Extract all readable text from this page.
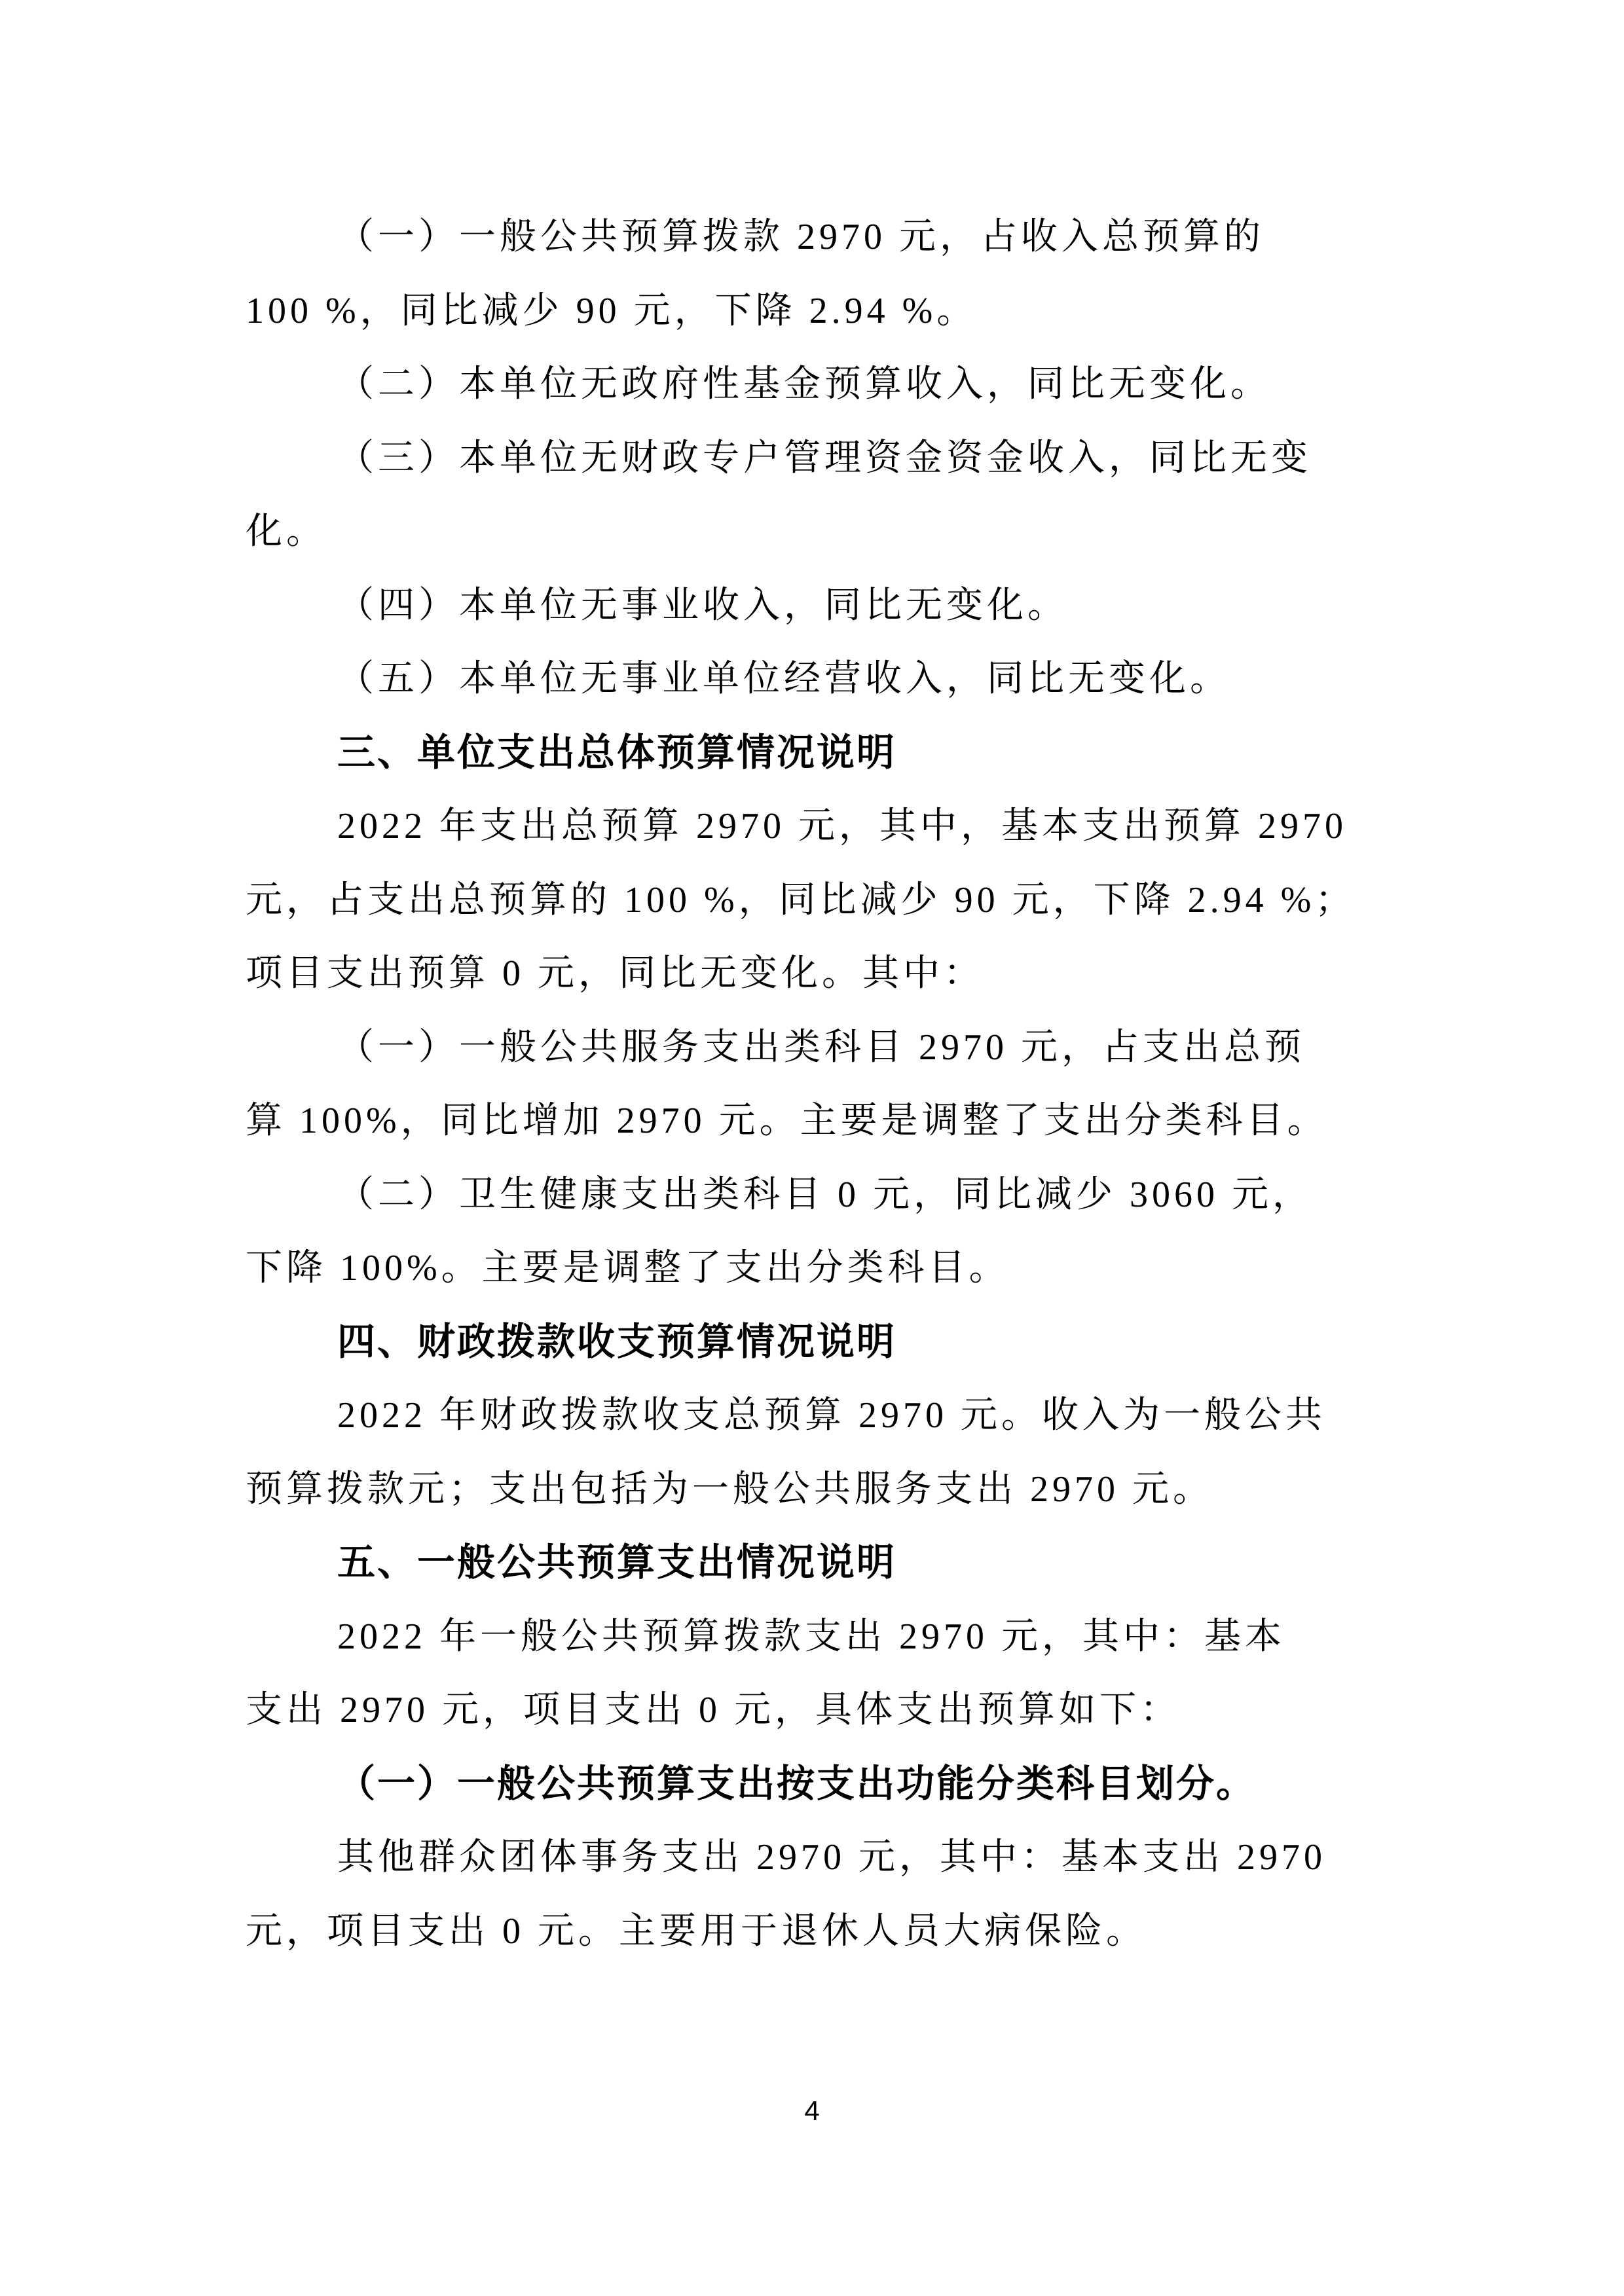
（一）一般公共预算拨款 2970 元，占收入总预算的
100 %，同比减少 90 元，下降 2.94 %。
（二）本单位无政府性基金预算收入，同比无变化。
（三）本单位无财政专户管理资金资金收入，同比无变
化。
（四）本单位无事业收入，同比无变化。
（五）本单位无事业单位经营收入，同比无变化。
三、单位支出总体预算情况说明
2022 年支出总预算 2970 元，其中，基本支出预算 2970
元，占支出总预算的 100 %，同比减少 90 元，下降 2.94 %；
项目支出预算 0 元，同比无变化。其中：
（一）一般公共服务支出类科目 2970 元，占支出总预
算 100%，同比增加 2970 元。主要是调整了支出分类科目。
（二）卫生健康支出类科目 0 元，同比减少 3060 元，
下降 100%。主要是调整了支出分类科目。
四、财政拨款收支预算情况说明
2022 年财政拨款收支总预算 2970 元。收入为一般公共
预算拨款元；支出包括为一般公共服务支出 2970 元。
五、一般公共预算支出情况说明
2022 年一般公共预算拨款支出 2970 元，其中：基本
支出 2970 元，项目支出 0 元，具体支出预算如下：
（一）一般公共预算支出按支出功能分类科目划分。
其他群众团体事务支出 2970 元，其中：基本支出 2970
元，项目支出 0 元。主要用于退休人员大病保险。
4
